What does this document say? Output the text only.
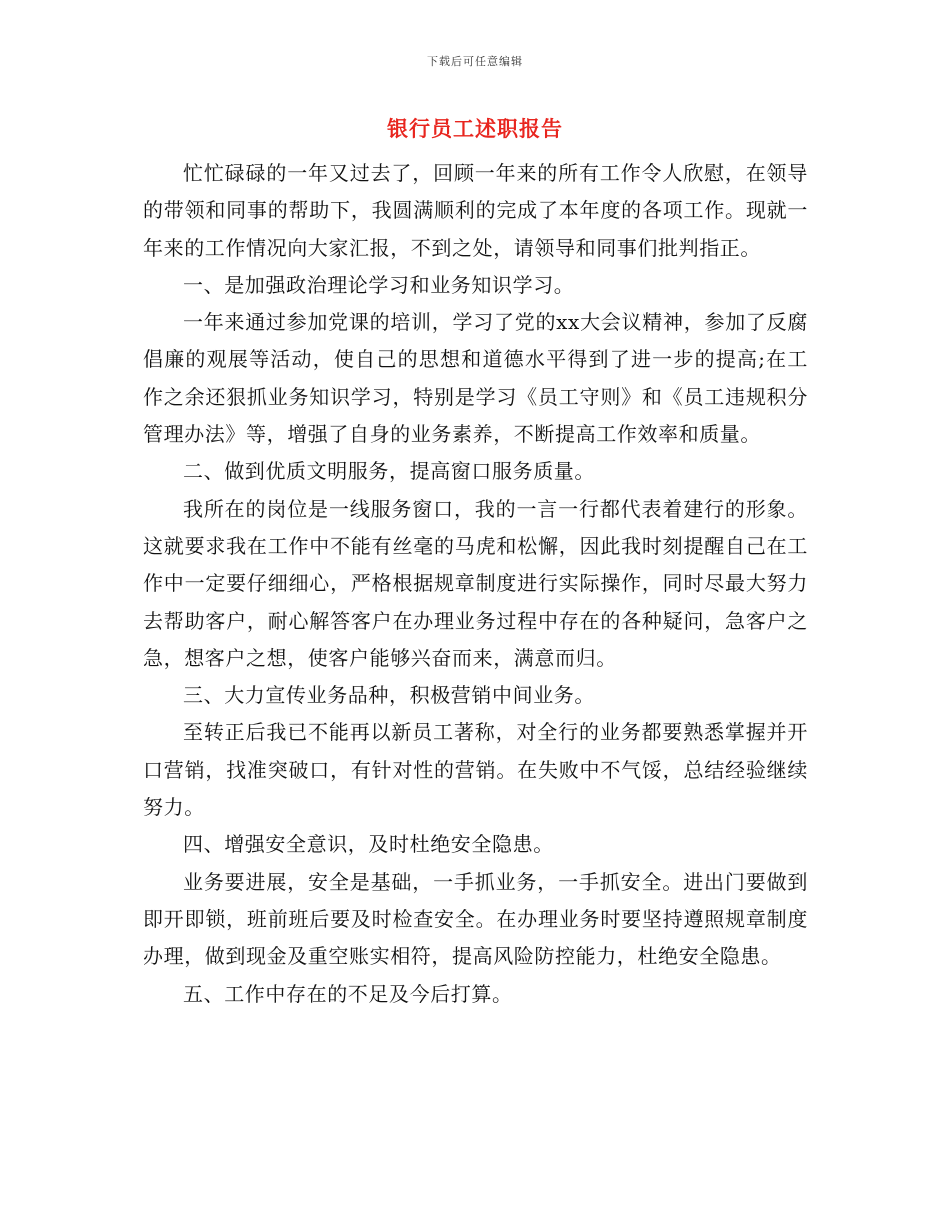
下载后可任意编辑
银行员工述职报告

忙忙碌碌的一年又过去了，回顾一年来的所有工作令人欣慰，在领导的带领和同事的帮助下，我圆满顺利的完成了本年度的各项工作。现就一年来的工作情况向大家汇报，不到之处，请领导和同事们批判指正。

一、是加强政治理论学习和业务知识学习。

一年来通过参加党课的培训，学习了党的xx大会议精神，参加了反腐倡廉的观展等活动，使自己的思想和道德水平得到了进一步的提高;在工作之余还狠抓业务知识学习，特别是学习《员工守则》和《员工违规积分管理办法》等，增强了自身的业务素养，不断提高工作效率和质量。

二、做到优质文明服务，提高窗口服务质量。

我所在的岗位是一线服务窗口，我的一言一行都代表着建行的形象。这就要求我在工作中不能有丝毫的马虎和松懈，因此我时刻提醒自己在工作中一定要仔细细心，严格根据规章制度进行实际操作，同时尽最大努力去帮助客户，耐心解答客户在办理业务过程中存在的各种疑问，急客户之急，想客户之想，使客户能够兴奋而来，满意而归。

三、大力宣传业务品种，积极营销中间业务。

至转正后我已不能再以新员工著称，对全行的业务都要熟悉掌握并开口营销，找准突破口，有针对性的营销。在失败中不气馁，总结经验继续努力。

四、增强安全意识，及时杜绝安全隐患。

业务要进展，安全是基础，一手抓业务，一手抓安全。进出门要做到即开即锁，班前班后要及时检查安全。在办理业务时要坚持遵照规章制度办理，做到现金及重空账实相符，提高风险防控能力，杜绝安全隐患。

五、工作中存在的不足及今后打算。
